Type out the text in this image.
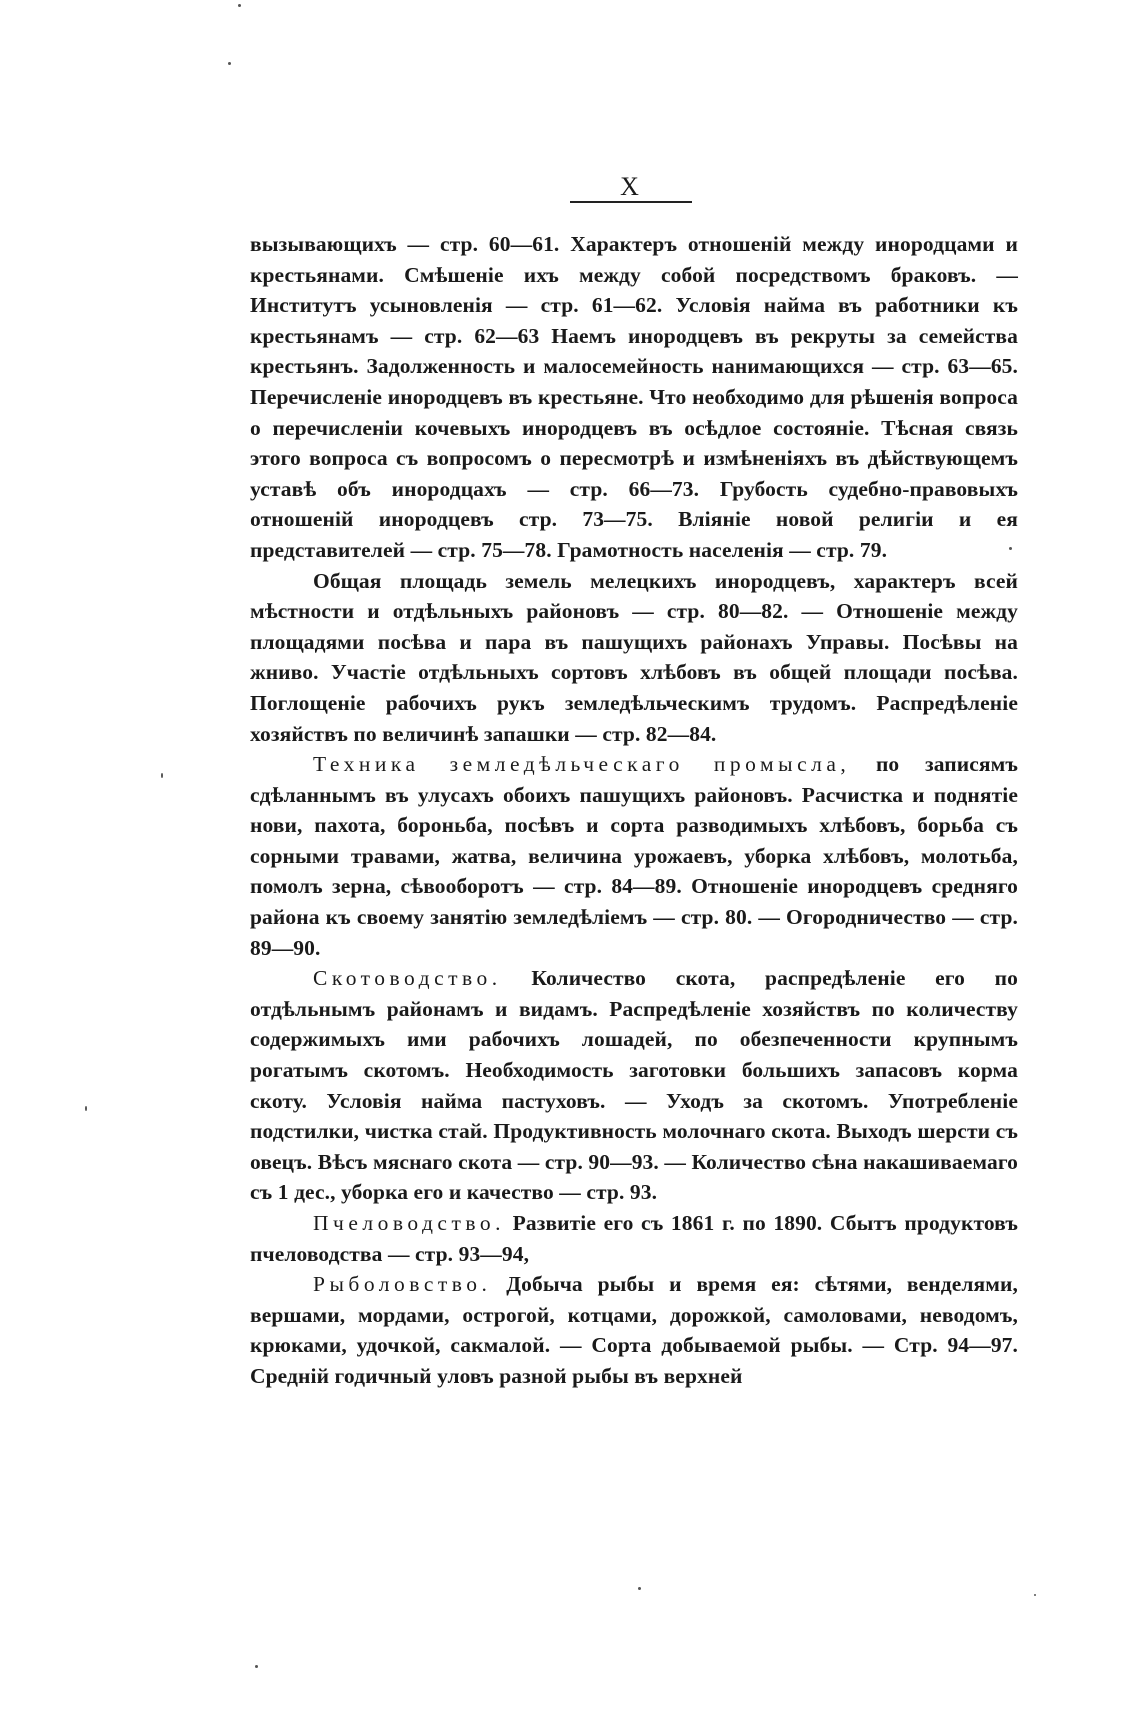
X

вызывающихъ — стр. 60—61. Характеръ отношеній между инородцами и крестьянами. Смѣшеніе ихъ между собой посредствомъ браковъ. — Институтъ усыновленія — стр. 61—62. Условія найма въ работники къ крестьянамъ — стр. 62—63 Наемъ инородцевъ въ рекруты за семейства крестьянъ. Задолженность и малосемейность нанимающихся — стр. 63—65. Перечисленіе инородцевъ въ крестьяне. Что необходимо для рѣшенія вопроса о перечисленіи кочевыхъ инородцевъ въ осѣдлое состояніе. Тѣсная связь этого вопроса съ вопросомъ о пересмотрѣ и измѣненіяхъ въ дѣйствующемъ уставѣ объ инородцахъ — стр. 66—73. Грубость судебно-правовыхъ отношеній инородцевъ стр. 73—75. Вліяніе новой религіи и ея представителей — стр. 75—78. Грамотность населенія — стр. 79.

Общая площадь земель мелецкихъ инородцевъ, характеръ всей мѣстности и отдѣльныхъ районовъ — стр. 80—82. — Отношеніе между площадями посѣва и пара въ пашущихъ районахъ Управы. Посѣвы на жниво. Участіе отдѣльныхъ сортовъ хлѣбовъ въ общей площади посѣва. Поглощеніе рабочихъ рукъ земледѣльческимъ трудомъ. Распредѣленіе хозяйствъ по величинѣ запашки — стр. 82—84.

Техника земледѣльческаго промысла, по записямъ сдѣланнымъ въ улусахъ обоихъ пашущихъ районовъ. Расчистка и поднятіе нови, пахота, бороньба, посѣвъ и сорта разводимыхъ хлѣбовъ, борьба съ сорными травами, жатва, величина урожаевъ, уборка хлѣбовъ, молотьба, помолъ зерна, сѣвооборотъ — стр. 84—89. Отношеніе инородцевъ средняго района къ своему занятію земледѣліемъ — стр. 80. — Огородничество — стр. 89—90.

Скотоводство. Количество скота, распредѣленіе его по отдѣльнымъ районамъ и видамъ. Распредѣленіе хозяйствъ по количеству содержимыхъ ими рабочихъ лошадей, по обезпеченности крупнымъ рогатымъ скотомъ. Необходимость заготовки большихъ запасовъ корма скоту. Условія найма пастуховъ. — Уходъ за скотомъ. Употребленіе подстилки, чистка стай. Продуктивность молочнаго скота. Выходъ шерсти съ овецъ. Вѣсъ мяснаго скота — стр. 90—93. — Количество сѣна накашиваемаго съ 1 дес., уборка его и качество — стр. 93.

Пчеловодство. Развитіе его съ 1861 г. по 1890. Сбытъ продуктовъ пчеловодства — стр. 93—94,

Рыболовство. Добыча рыбы и время ея: сѣтями, венделями, вершами, мордами, острогой, котцами, дорожкой, самоловами, неводомъ, крюками, удочкой, сакмалой. — Сорта добываемой рыбы. — Стр. 94—97. Средній годичный уловъ разной рыбы въ верхней
